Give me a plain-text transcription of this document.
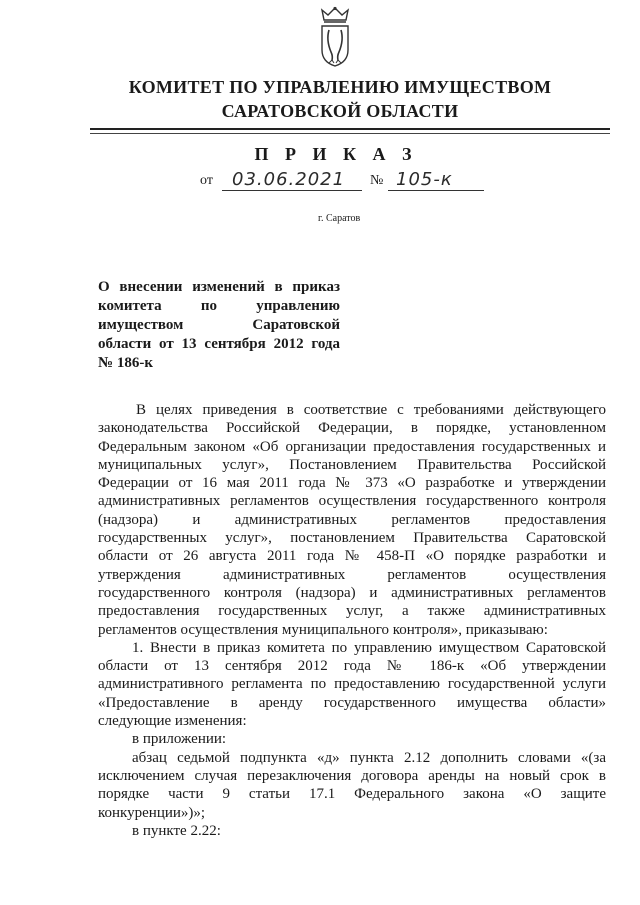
КОМИТЕТ ПО УПРАВЛЕНИЮ ИМУЩЕСТВОМ
САРАТОВСКОЙ ОБЛАСТИ
П Р И К А З
от 03.06.2021 № 105-к
г. Саратов
О внесении изменений в приказ
комитета по управлению
имуществом Саратовской
области от 13 сентября 2012 года
№ 186-к
В целях приведения в соответствие с требованиями действующего
законодательства Российской Федерации, в порядке, установленном
Федеральным законом «Об организации предоставления государственных и
муниципальных услуг», Постановлением Правительства Российской
Федерации от 16 мая 2011 года № 373 «О разработке и утверждении
административных регламентов осуществления государственного контроля
(надзора) и административных регламентов предоставления
государственных услуг», постановлением Правительства Саратовской
области от 26 августа 2011 года № 458-П «О порядке разработки и
утверждения административных регламентов осуществления
государственного контроля (надзора) и административных регламентов
предоставления государственных услуг, а также административных
регламентов осуществления муниципального контроля», приказываю:
1. Внести в приказ комитета по управлению имуществом Саратовской
области от 13 сентября 2012 года № 186-к «Об утверждении
административного регламента по предоставлению государственной услуги
«Предоставление в аренду государственного имущества области»
следующие изменения:
в приложении:
абзац седьмой подпункта «д» пункта 2.12 дополнить словами «(за
исключением случая перезаключения договора аренды на новый срок в
порядке части 9 статьи 17.1 Федерального закона «О защите
конкуренции»)»;
в пункте 2.22:
